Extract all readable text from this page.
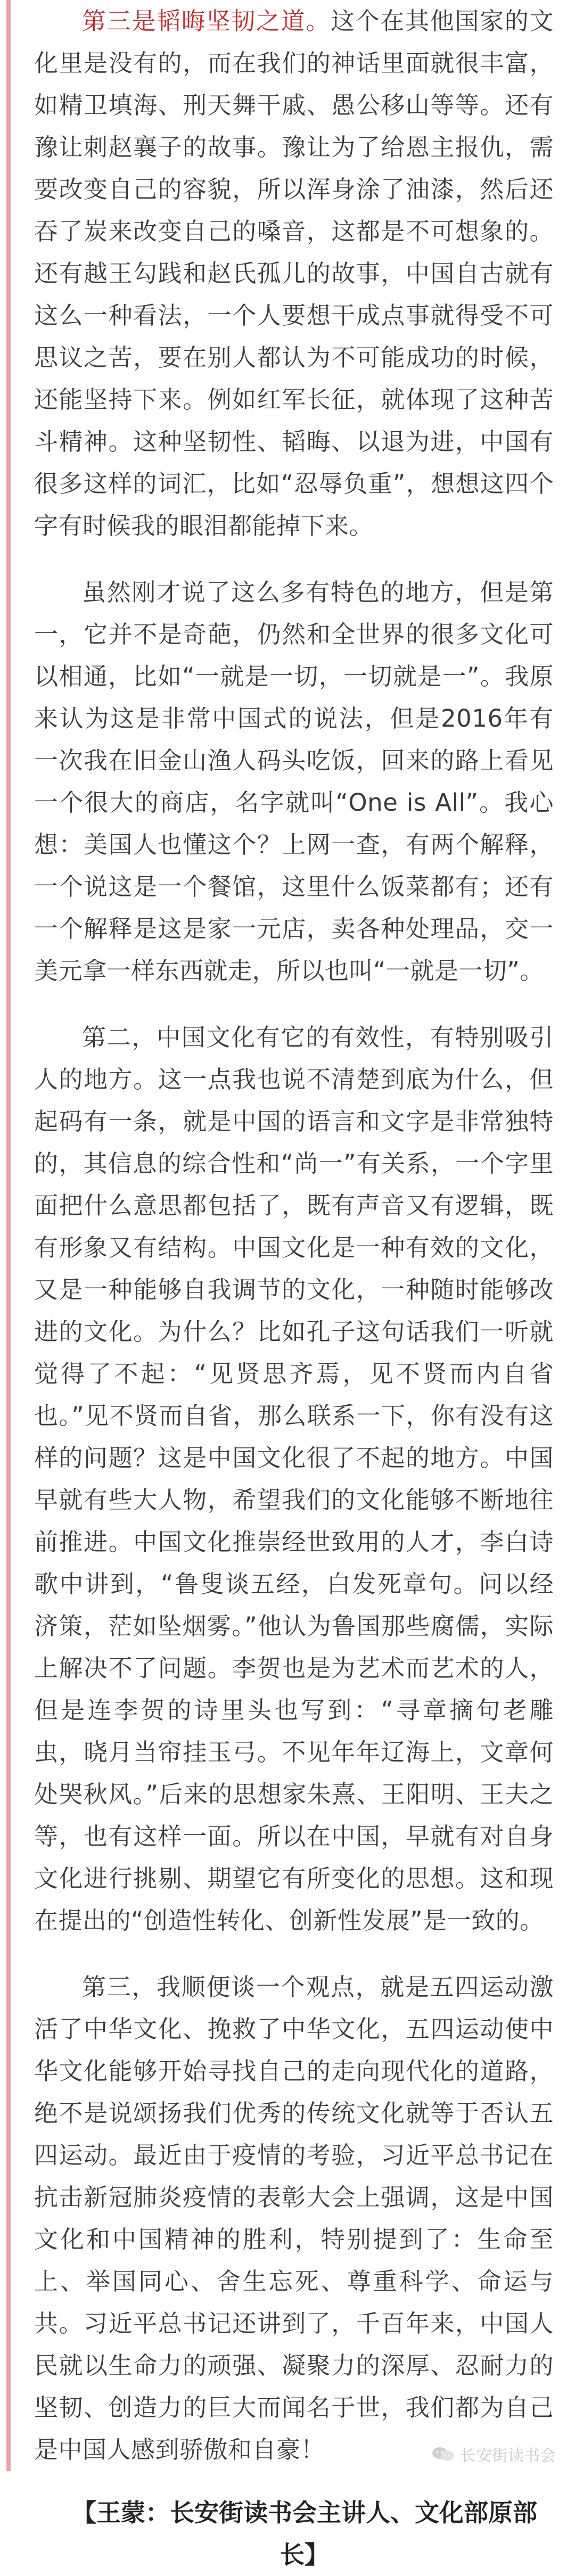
第三是韬晦坚韧之道。这个在其他国家的文化里是没有的，而在我们的神话里面就很丰富，如精卫填海、刑天舞干戚、愚公移山等等。还有豫让刺赵襄子的故事。豫让为了给恩主报仇，需要改变自己的容貌，所以浑身涂了油漆，然后还吞了炭来改变自己的嗓音，这都是不可想象的。还有越王勾践和赵氏孤儿的故事，中国自古就有这么一种看法，一个人要想干成点事就得受不可思议之苦，要在别人都认为不可能成功的时候，还能坚持下来。例如红军长征，就体现了这种苦斗精神。这种坚韧性、韬晦、以退为进，中国有很多这样的词汇，比如“忍辱负重”，想想这四个字有时候我的眼泪都能掉下来。

虽然刚才说了这么多有特色的地方，但是第一，它并不是奇葩，仍然和全世界的很多文化可以相通，比如“一就是一切，一切就是一”。我原来认为这是非常中国式的说法，但是2016年有一次我在旧金山渔人码头吃饭，回来的路上看见一个很大的商店，名字就叫“One is All”。我心想：美国人也懂这个？上网一查，有两个解释，一个说这是一个餐馆，这里什么饭菜都有；还有一个解释是这是家一元店，卖各种处理品，交一美元拿一样东西就走，所以也叫“一就是一切”。

第二，中国文化有它的有效性，有特别吸引人的地方。这一点我也说不清楚到底为什么，但起码有一条，就是中国的语言和文字是非常独特的，其信息的综合性和“尚一”有关系，一个字里面把什么意思都包括了，既有声音又有逻辑，既有形象又有结构。中国文化是一种有效的文化，又是一种能够自我调节的文化，一种随时能够改进的文化。为什么？比如孔子这句话我们一听就觉得了不起：“见贤思齐焉，见不贤而内自省也。”见不贤而自省，那么联系一下，你有没有这样的问题？这是中国文化很了不起的地方。中国早就有些大人物，希望我们的文化能够不断地往前推进。中国文化推崇经世致用的人才，李白诗歌中讲到，“鲁叟谈五经，白发死章句。问以经济策，茫如坠烟雾。”他认为鲁国那些腐儒，实际上解决不了问题。李贺也是为艺术而艺术的人，但是连李贺的诗里头也写到：“寻章摘句老雕虫，晓月当帘挂玉弓。不见年年辽海上，文章何处哭秋风。”后来的思想家朱熹、王阳明、王夫之等，也有这样一面。所以在中国，早就有对自身文化进行挑剔、期望它有所变化的思想。这和现在提出的“创造性转化、创新性发展”是一致的。

第三，我顺便谈一个观点，就是五四运动激活了中华文化、挽救了中华文化，五四运动使中华文化能够开始寻找自己的走向现代化的道路，绝不是说颂扬我们优秀的传统文化就等于否认五四运动。最近由于疫情的考验，习近平总书记在抗击新冠肺炎疫情的表彰大会上强调，这是中国文化和中国精神的胜利，特别提到了：生命至上、举国同心、舍生忘死、尊重科学、命运与共。习近平总书记还讲到了，千百年来，中国人民就以生命力的顽强、凝聚力的深厚、忍耐力的坚韧、创造力的巨大而闻名于世，我们都为自己是中国人感到骄傲和自豪！

【王蒙：长安街读书会主讲人、文化部原部长】
长安街读书会
